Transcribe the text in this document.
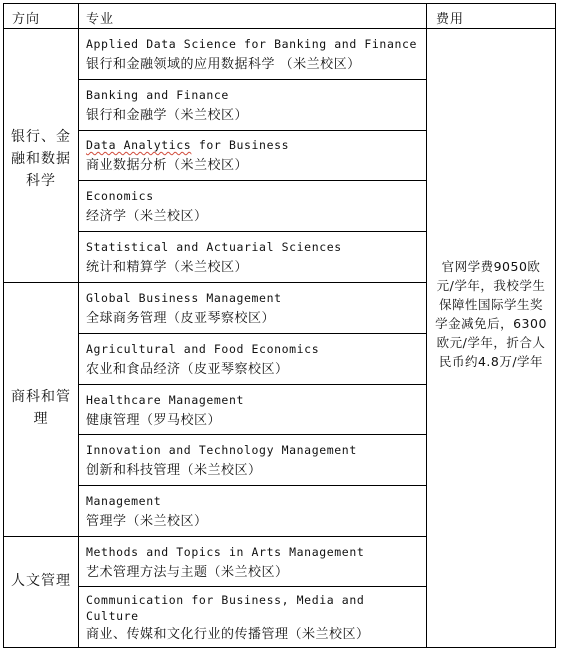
方向	专业	费用
银行、金融和数据科学
商科和管理
人文管理
Applied Data Science for Banking and Finance
银行和金融领域的应用数据科学 （米兰校区）
Banking and Finance
银行和金融学（米兰校区）
Data Analytics for Business
商业数据分析（米兰校区）
Economics
经济学（米兰校区）
Statistical and Actuarial Sciences
统计和精算学（米兰校区）
Global Business Management
全球商务管理（皮亚琴察校区）
Agricultural and Food Economics
农业和食品经济（皮亚琴察校区）
Healthcare Management
健康管理（罗马校区）
Innovation and Technology Management
创新和科技管理（米兰校区）
Management
管理学（米兰校区）
Methods and Topics in Arts Management
艺术管理方法与主题（米兰校区）
Communication for Business, Media and Culture
商业、传媒和文化行业的传播管理（米兰校区）
官网学费9050欧元/学年，我校学生保障性国际学生奖学金减免后，6300欧元/学年，折合人民币约4.8万/学年
